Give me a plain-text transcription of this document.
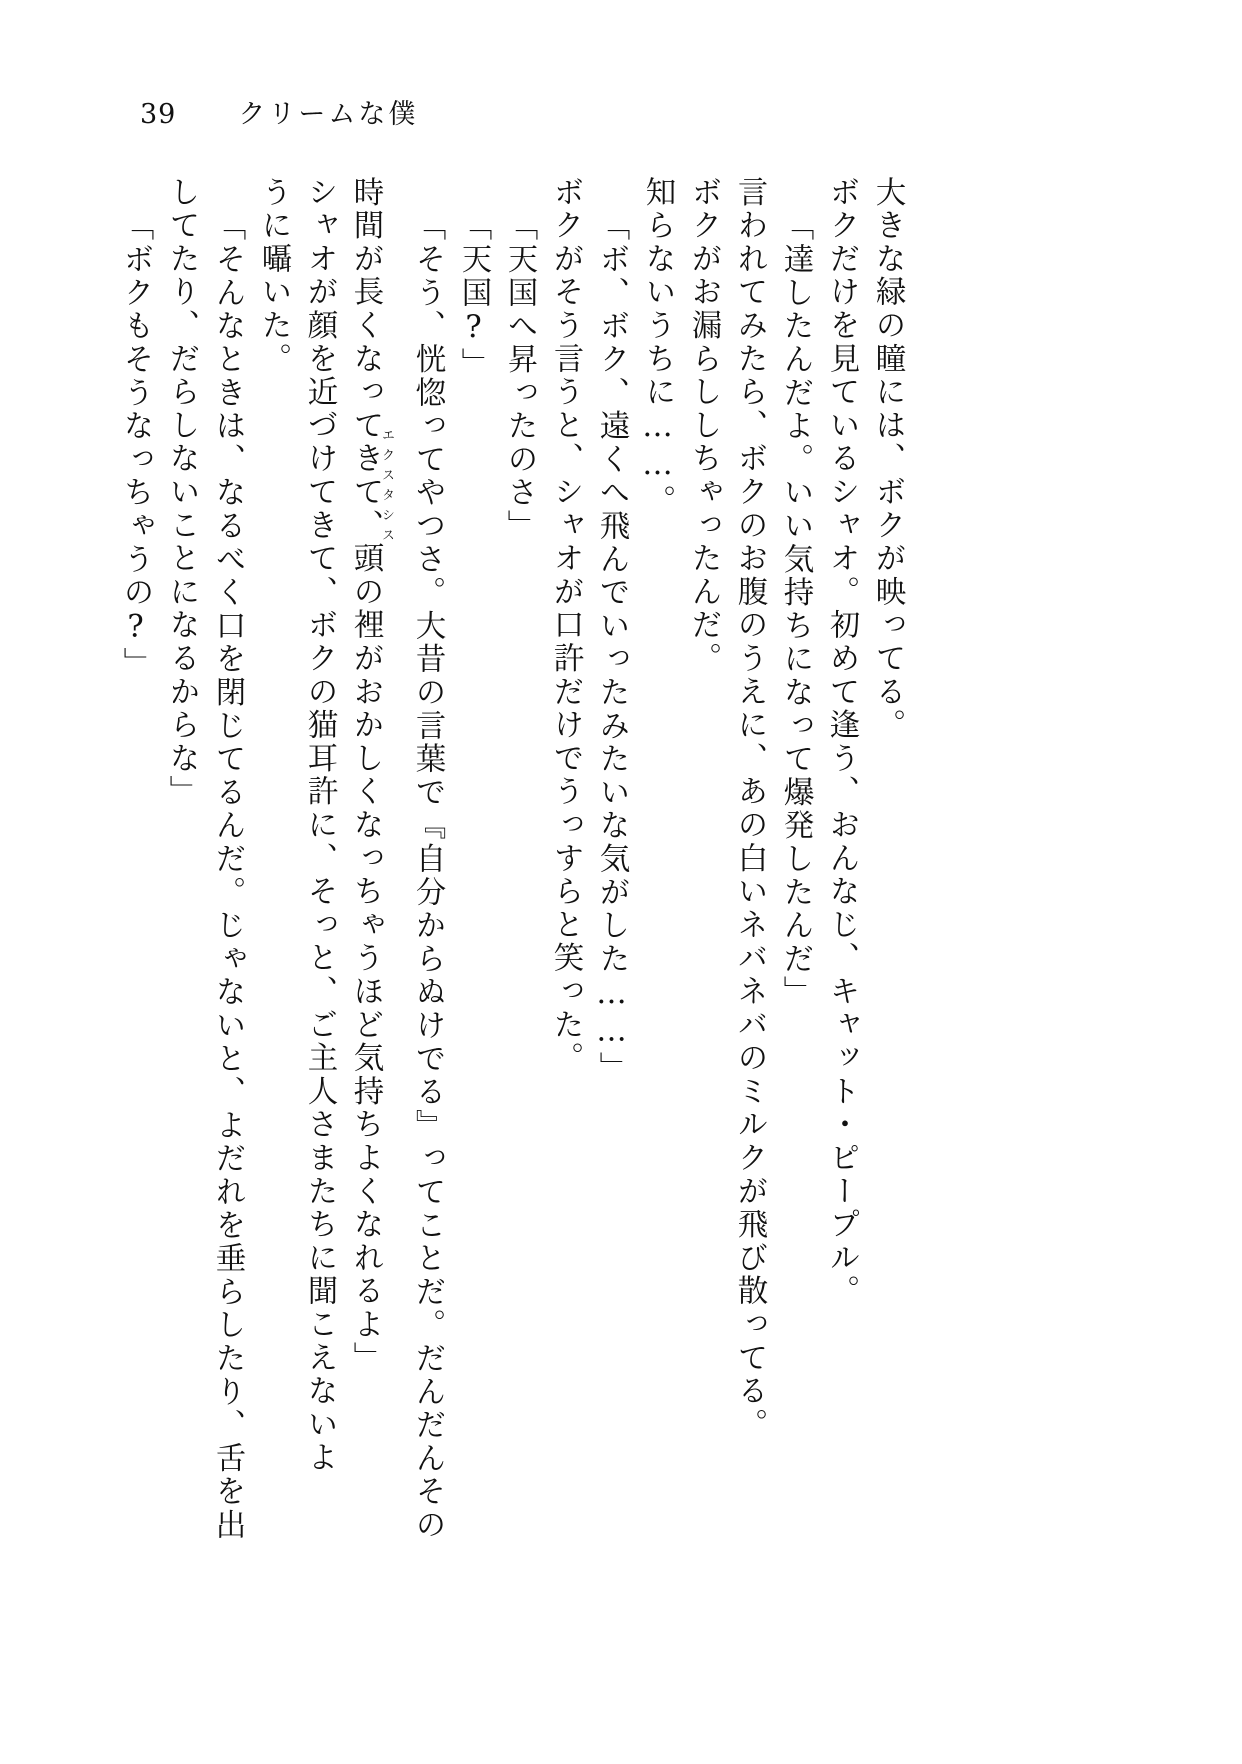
39 クリームな僕
「ボクもそうなっちゃうの?」 してたり、だらしないことになるからな」 「そんなときは、なるべく口を閉じてるんだ。じゃないと、よだれを垂らしたり、舌を出 うに囁いた。 シャオが顔を近づけてきて、ボクの猫耳許に、そっと、ご主人さまたちに聞こえないよ 時間が長くなってきて、頭の裡がおかしくなっちゃうほど気持ちよくなれるよ」
エクスタシス 「そう、恍惚ってやつさ。大昔の言葉で『自分からぬけでる』ってことだ。だんだんその 「天国?」 「天国へ昇ったのさ」 ボクがそう言うと、シャオが口許だけでうっすらと笑った。 「ボ、ボク、遠くへ飛んでいったみたいな気がした……」 知らないうちに……。 ボクがお漏らししちゃったんだ。 言われてみたら、ボクのお腹のうえに、あの白いネバネバのミルクが飛び散ってる。 「達したんだよ。いい気持ちになって爆発したんだ」 ボクだけを見ているシャオ。初めて逢う、おんなじ、キャット・ピープル。 大きな緑の瞳には、ボクが映ってる。
